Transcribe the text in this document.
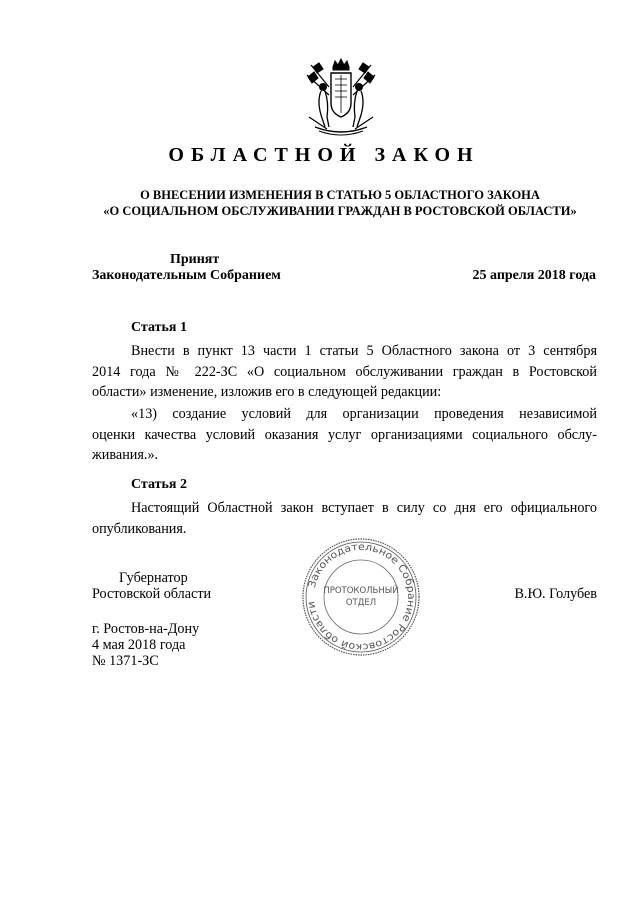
ОБЛАСТНОЙ ЗАКОН
О ВНЕСЕНИИ ИЗМЕНЕНИЯ В СТАТЬЮ 5 ОБЛАСТНОГО ЗАКОНА
«О СОЦИАЛЬНОМ ОБСЛУЖИВАНИИ ГРАЖДАН В РОСТОВСКОЙ ОБЛАСТИ»
Принят
Законодательным Собранием	25 апреля 2018 года
Статья 1
Внести в пункт 13 части 1 статьи 5 Областного закона от 3 сентября
2014 года № 222-ЗС «О социальном обслуживании граждан в Ростовской
области» изменение, изложив его в следующей редакции:
«13) создание условий для организации проведения независимой
оценки качества условий оказания услуг организациями социального обслу-
живания.».
Статья 2
Настоящий Областной закон вступает в силу со дня его официального
опубликования.
Губернатор
Ростовской области	В.Ю. Голубев
Законодательное Собрание Ростовской области
ПРОТОКОЛЬНЫЙ
ОТДЕЛ
г. Ростов-на-Дону
4 мая 2018 года
№ 1371-ЗС
